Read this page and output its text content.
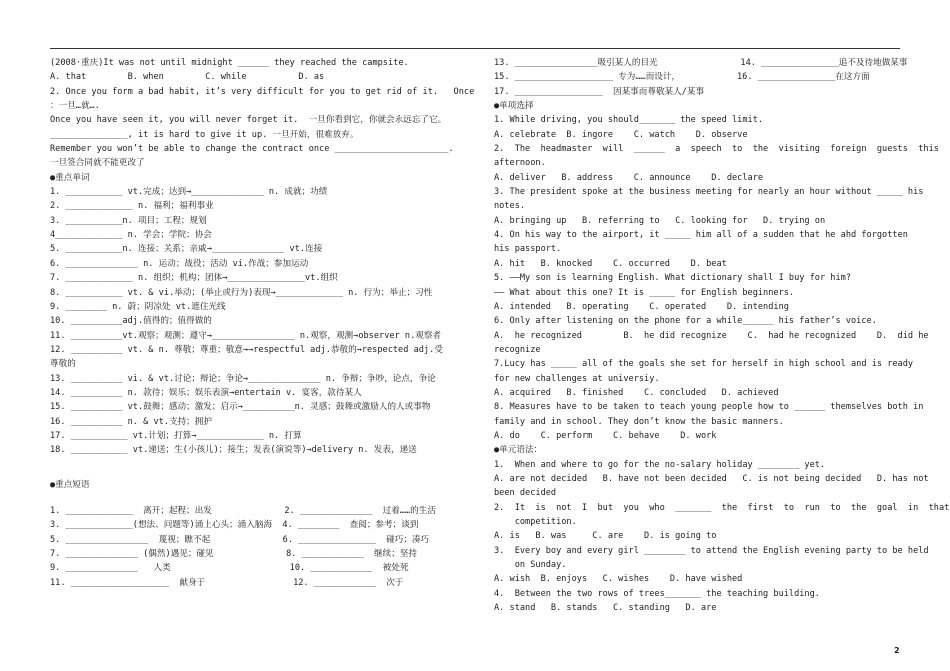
(2008·重庆)It was not until midnight ______ they reached the campsite.
A. that        B. when        C. while          D. as
2. Once you form a bad habit, it’s very difficult for you to get rid of it.   Once
：一旦…就….
Once you have seen it, you will never forget it.  一旦你看到它，你就会永远忘了它。
_______________, it is hard to give it up. 一旦开始，很难放弃。
Remember you won’t be able to change the contract once ______________________.
一旦签合同就不能更改了
●重点单词
1. ___________ vt.完成；达到→______________ n. 成就；功绩
2. _____________ n. 福利；福利事业
3. ___________n. 项目；工程；规划
4_____________ n. 学会；学院；协会
5. ___________n. 连接；关系；亲戚→______________ vt.连接
6. ______________ n. 运动；战役；活动 vi.作战；参加运动
7. _____________ n. 组织；机构；团体→_______________vt.组织
8. ___________ vt. & vi.举动；(举止或行为)表现→_____________ n. 行为；举止；习性
9. ________ n. 蔚；阴凉处 vt.遮住光线
10. __________adj.值得的；值得做的
11. __________vt.观察；观测；遵守→________________ n.观察，观测→observer n.观察者
12. __________ vt. & n. 尊敬；尊重；敬意→→respectful adj.恭敬的→respected adj.受
尊敬的
13. __________ vi. & vt.讨论；辩论；争论→______________ n. 争辩；争吵，论点，争论
14. __________ n. 款待；娱乐；娱乐表演→entertain v. 宴客，款待某人
15. __________ vt.鼓舞；感动；激发；启示→__________n. 灵感；鼓舞或激励人的人或事物
16. __________ n. & vt.支持；拥护
17. ___________ vt.计划；打算→_____________ n. 打算
18. ___________ vt.递送；生(小孩儿)；接生；发表(演说等)→delivery n. 发表，递送
●重点短语
1. _____________  离开；起程；出发              2. ______________  过着……的生活
3. _____________(想法、问题等)涌上心头；涌入脑海  4. ________  查阅；参考；谈到
5. ________________  蔑视；瞧不起              6. _______________  碰巧；凑巧
7. ______________ (偶然)遇见；碰见              8. ____________  继续；坚持
9. ______________   人类                       10. ____________  被处死
11. ___________________  献身于                 12. ____________  次于
13. ________________吸引某人的目光                14. _______________追不及待地做某事
15. ___________________ 专为……而设计，           16. _______________在这方面
17. _________________  因某事而尊敬某人/某事
●单项选择
1. While driving, you should_______ the speed limit.
A. celebrate  B. ingore    C. watch    D. observe
2.  The  headmaster  will  ______  a  speech  to  the  visiting  foreign  guests  this
afternoon.
A. deliver   B. address    C. announce    D. declare
3. The president spoke at the business meeting for nearly an hour without _____ his
notes.
A. bringing up   B. referring to   C. looking for   D. trying on
4. On his way to the airport, it _____ him all of a sudden that he ahd forgotten
his passport.
A. hit   B. knocked    C. occurred    D. beat
5. ——My son is learning English. What dictionary shall I buy for him?
—— What about this one? It is _____ for English beginners.
A. intended   B. operating    C. operated    D. intending
6. Only after listening on the phone for a while______ his father’s voice.
A.  he recognized        B.  he did recognize    C.  had he recognized    D.  did he
recognize
7.Lucy has _____ all of the goals she set for herself in high school and is ready
for new challenges at universiy.
A. acquired   B. finished    C. concluded   D. achieved
8. Measures have to be taken to teach young people how to ______ themselves both in
family and in school. They don’t know the basic manners.
A. do    C. perform    C. behave    D. work
●单元语法：
1.  When and where to go for the no-salary holiday ________ yet.
A. are not decided   B. have not been decided   C. is not being decided   D. has not
been decided
2.  It  is  not  I  but  you  who  _______  the  first  to  run  to  the  goal  in  that
competition.
A. is   B. was     C. are    D. is going to
3.  Every boy and every girl ________ to attend the English evening party to be held
on Sunday.
A. wish  B. enjoys   C. wishes    D. have wished
4.  Between the two rows of trees_______ the teaching building.
A. stand   B. stands   C. standing   D. are
2
